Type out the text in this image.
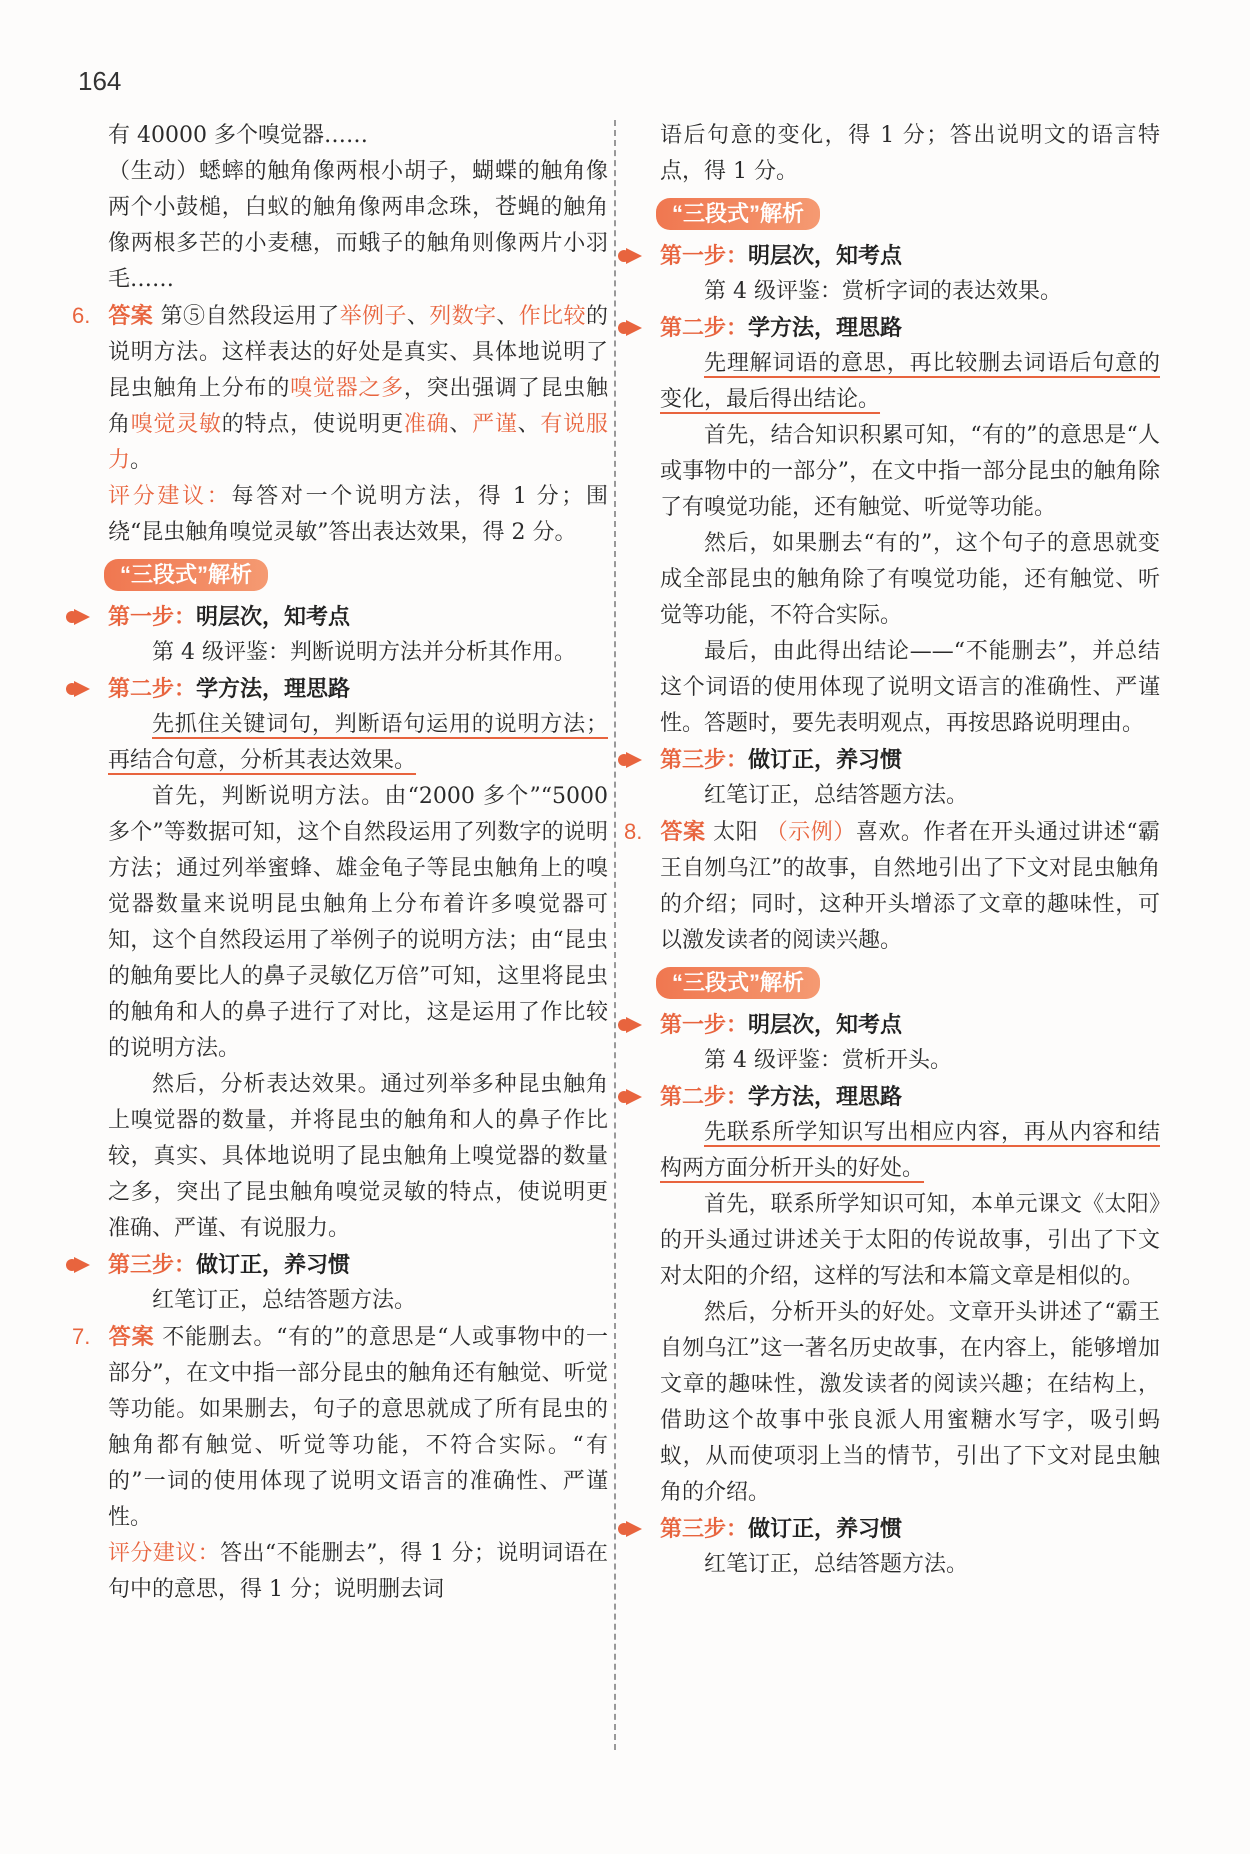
164

有 40000 多个嗅觉器……

（生动）蟋蟀的触角像两根小胡子，蝴蝶的触角像两个小鼓槌，白蚁的触角像两串念珠，苍蝇的触角像两根多芒的小麦穗，而蛾子的触角则像两片小羽毛……

6. 答案 第⑤自然段运用了举例子、列数字、作比较的说明方法。这样表达的好处是真实、具体地说明了昆虫触角上分布的嗅觉器之多，突出强调了昆虫触角嗅觉灵敏的特点，使说明更准确、严谨、有说服力。

评分建议：每答对一个说明方法，得 1 分；围绕“昆虫触角嗅觉灵敏”答出表达效果，得 2 分。

“三段式”解析

第一步：明层次，知考点

第 4 级评鉴：判断说明方法并分析其作用。

第二步：学方法，理思路

先抓住关键词句，判断语句运用的说明方法；再结合句意，分析其表达效果。

首先，判断说明方法。由“2000 多个”“5000 多个”等数据可知，这个自然段运用了列数字的说明方法；通过列举蜜蜂、雄金龟子等昆虫触角上的嗅觉器数量来说明昆虫触角上分布着许多嗅觉器可知，这个自然段运用了举例子的说明方法；由“昆虫的触角要比人的鼻子灵敏亿万倍”可知，这里将昆虫的触角和人的鼻子进行了对比，这是运用了作比较的说明方法。

然后，分析表达效果。通过列举多种昆虫触角上嗅觉器的数量，并将昆虫的触角和人的鼻子作比较，真实、具体地说明了昆虫触角上嗅觉器的数量之多，突出了昆虫触角嗅觉灵敏的特点，使说明更准确、严谨、有说服力。

第三步：做订正，养习惯

红笔订正，总结答题方法。

7. 答案 不能删去。“有的”的意思是“人或事物中的一部分”，在文中指一部分昆虫的触角还有触觉、听觉等功能。如果删去，句子的意思就成了所有昆虫的触角都有触觉、听觉等功能，不符合实际。“有的”一词的使用体现了说明文语言的准确性、严谨性。

评分建议：答出“不能删去”，得 1 分；说明词语在句中的意思，得 1 分；说明删去词

语后句意的变化，得 1 分；答出说明文的语言特点，得 1 分。

“三段式”解析

第一步：明层次，知考点

第 4 级评鉴：赏析字词的表达效果。

第二步：学方法，理思路

先理解词语的意思，再比较删去词语后句意的变化，最后得出结论。

首先，结合知识积累可知，“有的”的意思是“人或事物中的一部分”，在文中指一部分昆虫的触角除了有嗅觉功能，还有触觉、听觉等功能。

然后，如果删去“有的”，这个句子的意思就变成全部昆虫的触角除了有嗅觉功能，还有触觉、听觉等功能，不符合实际。

最后，由此得出结论——“不能删去”，并总结这个词语的使用体现了说明文语言的准确性、严谨性。答题时，要先表明观点，再按思路说明理由。

第三步：做订正，养习惯

红笔订正，总结答题方法。

8. 答案 太阳 （示例）喜欢。作者在开头通过讲述“霸王自刎乌江”的故事，自然地引出了下文对昆虫触角的介绍；同时，这种开头增添了文章的趣味性，可以激发读者的阅读兴趣。

“三段式”解析

第一步：明层次，知考点

第 4 级评鉴：赏析开头。

第二步：学方法，理思路

先联系所学知识写出相应内容，再从内容和结构两方面分析开头的好处。

首先，联系所学知识可知，本单元课文《太阳》的开头通过讲述关于太阳的传说故事，引出了下文对太阳的介绍，这样的写法和本篇文章是相似的。

然后，分析开头的好处。文章开头讲述了“霸王自刎乌江”这一著名历史故事，在内容上，能够增加文章的趣味性，激发读者的阅读兴趣；在结构上，借助这个故事中张良派人用蜜糖水写字，吸引蚂蚁，从而使项羽上当的情节，引出了下文对昆虫触角的介绍。

第三步：做订正，养习惯

红笔订正，总结答题方法。
